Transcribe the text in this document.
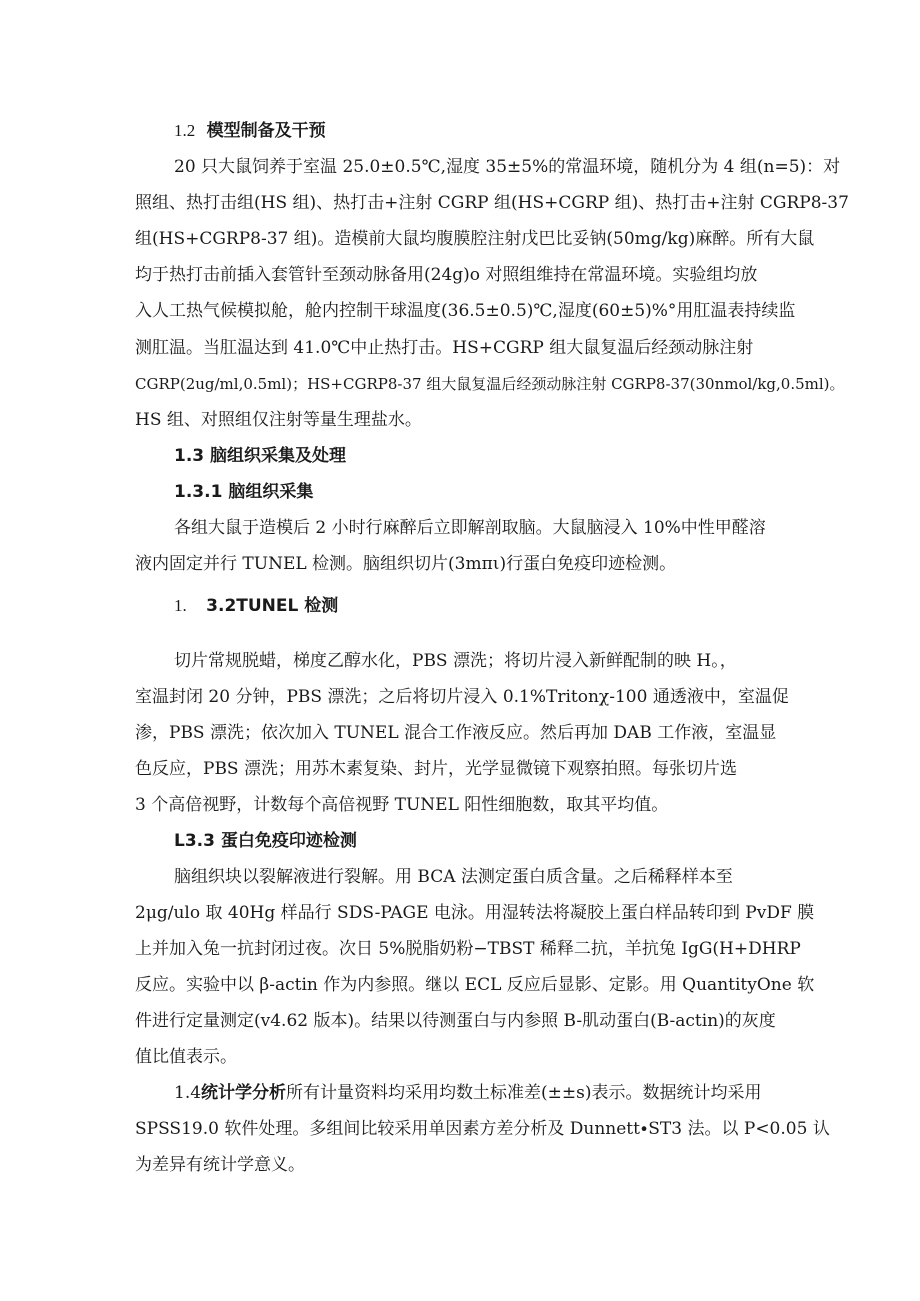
1.2 模型制备及干预
20 只大鼠饲养于室温 25.0±0.5℃,湿度 35±5%的常温环境，随机分为 4 组(n=5)：对
照组、热打击组(HS 组)、热打击+注射 CGRP 组(HS+CGRP 组)、热打击+注射 CGRP8-37
组(HS+CGRP8-37 组)。造模前大鼠均腹膜腔注射戊巴比妥钠(50mg/kg)麻醉。所有大鼠
均于热打击前插入套管针至颈动脉备用(24g)o 对照组维持在常温环境。实验组均放
入人工热气候模拟舱，舱内控制干球温度(36.5±0.5)℃,湿度(60±5)%°用肛温表持续监
测肛温。当肛温达到 41.0℃中止热打击。HS+CGRP 组大鼠复温后经颈动脉注射
CGRP(2ug/ml,0.5ml)；HS+CGRP8-37 组大鼠复温后经颈动脉注射 CGRP8-37(30nmol/kg,0.5ml)。
HS 组、对照组仅注射等量生理盐水。
1.3 脑组织采集及处理
1.3.1 脑组织采集
各组大鼠于造模后 2 小时行麻醉后立即解剖取脑。大鼠脑浸入 10%中性甲醛溶
液内固定并行 TUNEL 检测。脑组织切片(3mπι)行蛋白免疫印迹检测。
1. 3.2TUNEL 检测
切片常规脱蜡，梯度乙醇水化，PBS 漂洗；将切片浸入新鲜配制的映 H。，
室温封闭 20 分钟，PBS 漂洗；之后将切片浸入 0.1%Tritonχ-100 通透液中，室温促
渗，PBS 漂洗；依次加入 TUNEL 混合工作液反应。然后再加 DAB 工作液，室温显
色反应，PBS 漂洗；用苏木素复染、封片，光学显微镜下观察拍照。每张切片选
3 个高倍视野，计数每个高倍视野 TUNEL 阳性细胞数，取其平均值。
L3.3 蛋白免疫印迹检测
脑组织块以裂解液进行裂解。用 BCA 法测定蛋白质含量。之后稀释样本至
2μg∕ulo 取 40Hg 样品行 SDS-PAGE 电泳。用湿转法将凝胶上蛋白样品转印到 PvDF 膜
上并加入兔一抗封闭过夜。次日 5%脱脂奶粉−TBST 稀释二抗，羊抗兔 IgG(H+DHRP
反应。实验中以 β-actin 作为内参照。继以 ECL 反应后显影、定影。用 QuantityOne 软
件进行定量测定(v4.62 版本)。结果以待测蛋白与内参照 B-肌动蛋白(B-actin)的灰度
值比值表示。
1.4统计学分析所有计量资料均采用均数土标准差(±±s)表示。数据统计均采用
SPSS19.0 软件处理。多组间比较采用单因素方差分析及 Dunnett∙ST3 法。以 P<0.05 认
为差异有统计学意义。
